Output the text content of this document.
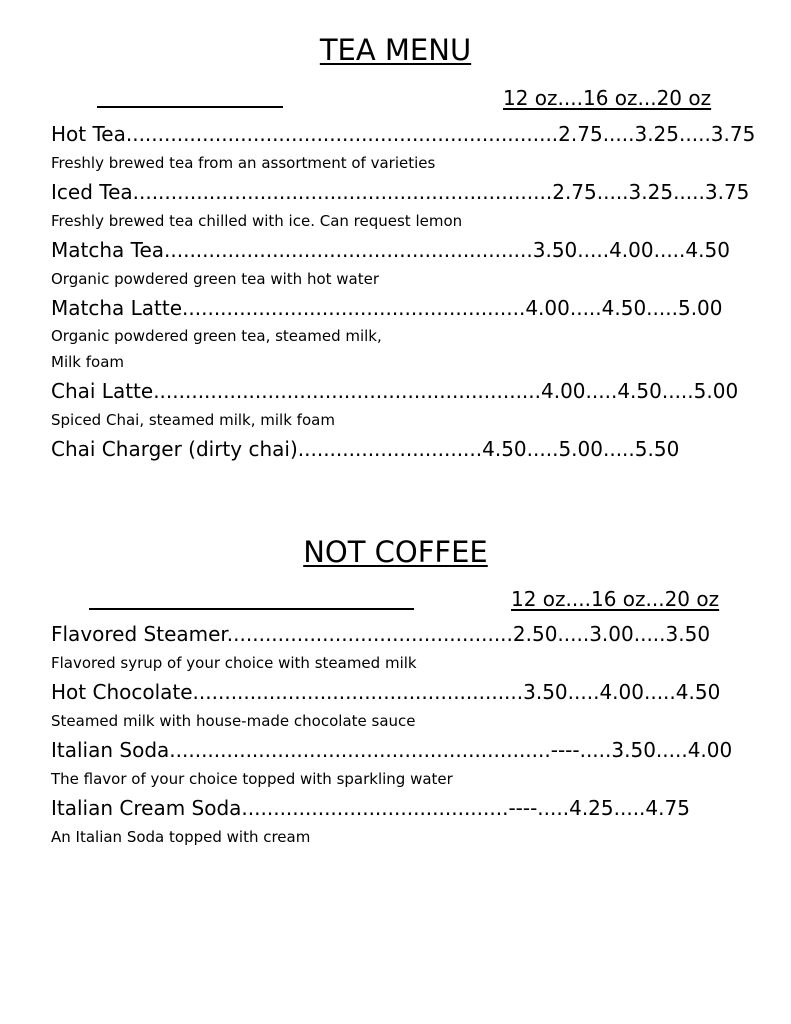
TEA MENU
12 oz....16 oz...20 oz
Hot Tea....................................................................2.75.....3.25.....3.75
Freshly brewed tea from an assortment of varieties
Iced Tea..................................................................2.75.....3.25.....3.75
Freshly brewed tea chilled with ice. Can request lemon
Matcha Tea..........................................................3.50.....4.00.....4.50
Organic powdered green tea with hot water
Matcha Latte......................................................4.00.....4.50.....5.00
Organic powdered green tea, steamed milk,
Milk foam
Chai Latte.............................................................4.00.....4.50.....5.00
Spiced Chai, steamed milk, milk foam
Chai Charger (dirty chai).............................4.50.....5.00.....5.50
NOT COFFEE
12 oz....16 oz...20 oz
Flavored Steamer.............................................2.50.....3.00.....3.50
Flavored syrup of your choice with steamed milk
Hot Chocolate....................................................3.50.....4.00.....4.50
Steamed milk with house-made chocolate sauce
Italian Soda............................................................----.....3.50.....4.00
The flavor of your choice topped with sparkling water
Italian Cream Soda..........................................----.....4.25.....4.75
An Italian Soda topped with cream
